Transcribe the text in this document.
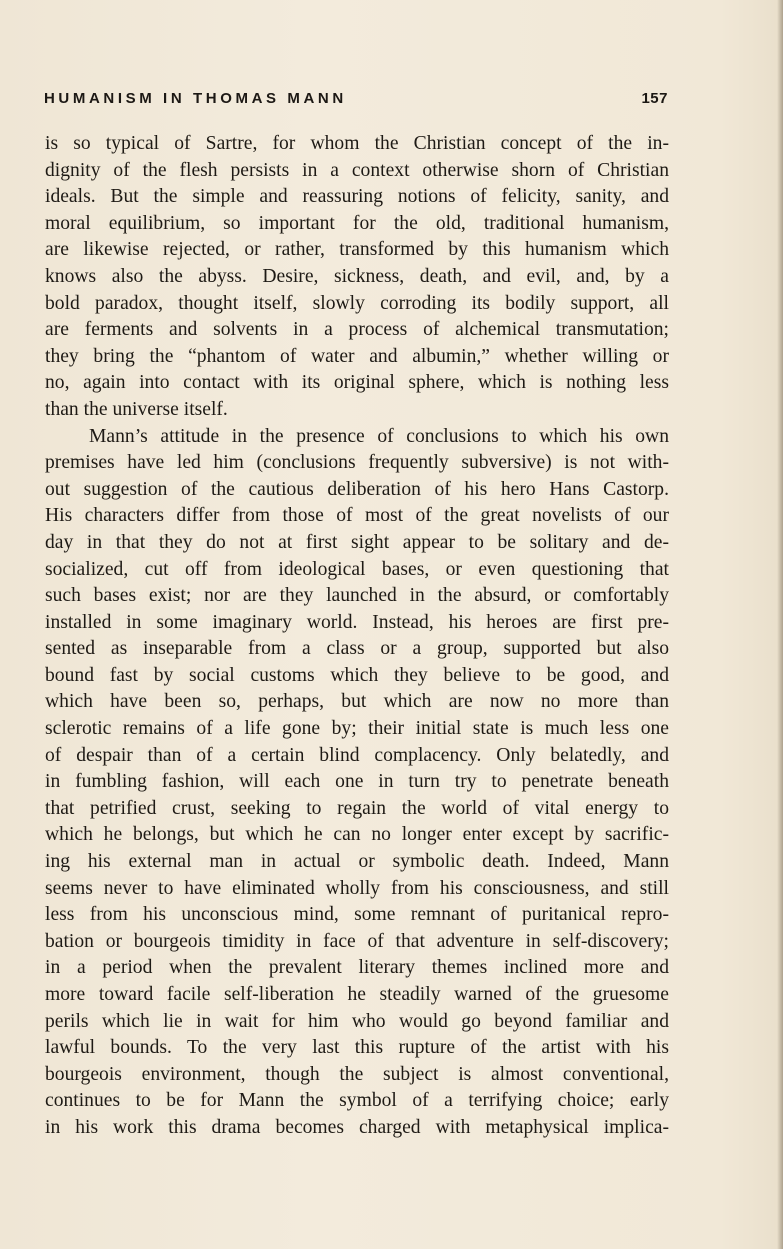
HUMANISM IN THOMAS MANN	157

is so typical of Sartre, for whom the Christian concept of the in-
dignity of the flesh persists in a context otherwise shorn of Christian
ideals. But the simple and reassuring notions of felicity, sanity, and
moral equilibrium, so important for the old, traditional humanism,
are likewise rejected, or rather, transformed by this humanism which
knows also the abyss. Desire, sickness, death, and evil, and, by a
bold paradox, thought itself, slowly corroding its bodily support, all
are ferments and solvents in a process of alchemical transmutation;
they bring the “phantom of water and albumin,” whether willing or
no, again into contact with its original sphere, which is nothing less
than the universe itself.

Mann’s attitude in the presence of conclusions to which his own
premises have led him (conclusions frequently subversive) is not with-
out suggestion of the cautious deliberation of his hero Hans Castorp.
His characters differ from those of most of the great novelists of our
day in that they do not at first sight appear to be solitary and de-
socialized, cut off from ideological bases, or even questioning that
such bases exist; nor are they launched in the absurd, or comfortably
installed in some imaginary world. Instead, his heroes are first pre-
sented as inseparable from a class or a group, supported but also
bound fast by social customs which they believe to be good, and
which have been so, perhaps, but which are now no more than
sclerotic remains of a life gone by; their initial state is much less one
of despair than of a certain blind complacency. Only belatedly, and
in fumbling fashion, will each one in turn try to penetrate beneath
that petrified crust, seeking to regain the world of vital energy to
which he belongs, but which he can no longer enter except by sacrific-
ing his external man in actual or symbolic death. Indeed, Mann
seems never to have eliminated wholly from his consciousness, and still
less from his unconscious mind, some remnant of puritanical repro-
bation or bourgeois timidity in face of that adventure in self-discovery;
in a period when the prevalent literary themes inclined more and
more toward facile self-liberation he steadily warned of the gruesome
perils which lie in wait for him who would go beyond familiar and
lawful bounds. To the very last this rupture of the artist with his
bourgeois environment, though the subject is almost conventional,
continues to be for Mann the symbol of a terrifying choice; early
in his work this drama becomes charged with metaphysical implica-
